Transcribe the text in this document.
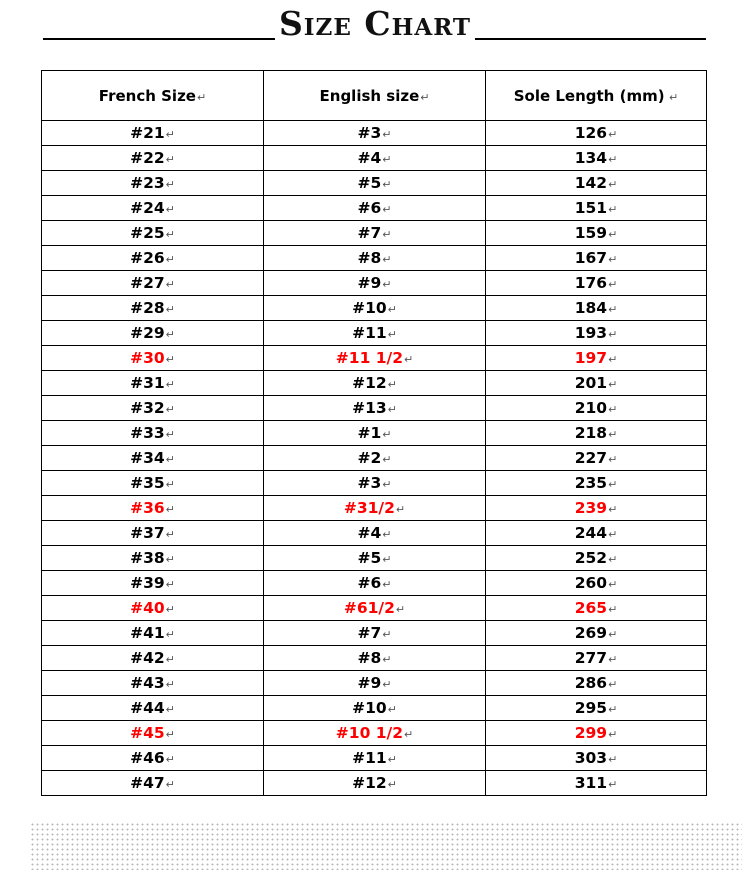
Size Chart
French Size↵	English size↵	Sole Length (mm) ↵
#21↵	#3↵	126↵
#22↵	#4↵	134↵
#23↵	#5↵	142↵
#24↵	#6↵	151↵
#25↵	#7↵	159↵
#26↵	#8↵	167↵
#27↵	#9↵	176↵
#28↵	#10↵	184↵
#29↵	#11↵	193↵
#30↵	#11 1/2↵	197↵
#31↵	#12↵	201↵
#32↵	#13↵	210↵
#33↵	#1↵	218↵
#34↵	#2↵	227↵
#35↵	#3↵	235↵
#36↵	#31/2↵	239↵
#37↵	#4↵	244↵
#38↵	#5↵	252↵
#39↵	#6↵	260↵
#40↵	#61/2↵	265↵
#41↵	#7↵	269↵
#42↵	#8↵	277↵
#43↵	#9↵	286↵
#44↵	#10↵	295↵
#45↵	#10 1/2↵	299↵
#46↵	#11↵	303↵
#47↵	#12↵	311↵
